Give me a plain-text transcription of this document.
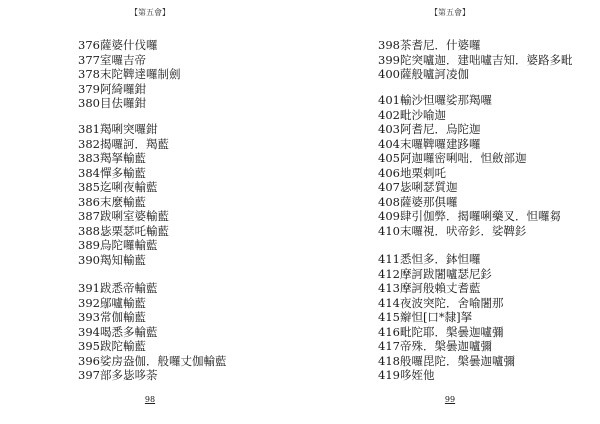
【第五會】
376薩婆什伐囉
377室囉吉帝
378末陀鞞達囉制劍
379阿綺囉鉗
380目佉囉鉗
381羯唎突囉鉗
382揭囉訶．羯藍
383羯拏輸藍
384憚多輸藍
385迄唎夜輸藍
386末麼輸藍
387跋唎室婆輸藍
388毖栗瑟吒輸藍
389烏陀囉輸藍
390羯知輸藍
391跋悉帝輸藍
392鄔嚧輸藍
393常伽輸藍
394喝悉多輸藍
395跋陀輸藍
396娑房盎伽．般囉丈伽輸藍
397部多毖哆荼
98
【第五會】
398茶耆尼．什婆囉
399陀突嚧迦．建咄嚧吉知．婆路多毗
400薩般嚧訶凌伽
401輸沙怛囉娑那羯囉
402毗沙喻迦
403阿耆尼．烏陀迦
404末囉鞞囉建跢囉
405阿迦囉密唎咄．怛斂部迦
406地栗剌吒
407毖唎瑟質迦
408薩婆那俱囉
409肆引伽弊．揭囉唎藥叉．怛囉芻
410末囉視．吠帝釤．娑鞞釤
411悉怛多．鉢怛囉
412摩訶跋闍嚧瑟尼釤
413摩訶般賴丈耆藍
414夜波突陀．舍喻闍那
415辮怛[口*隸]拏
416毗陀耶．槃曇迦嚧彌
417帝殊．槃曇迦嚧彌
418般囉毘陀．槃曇迦嚧彌
419哆姪他
99
